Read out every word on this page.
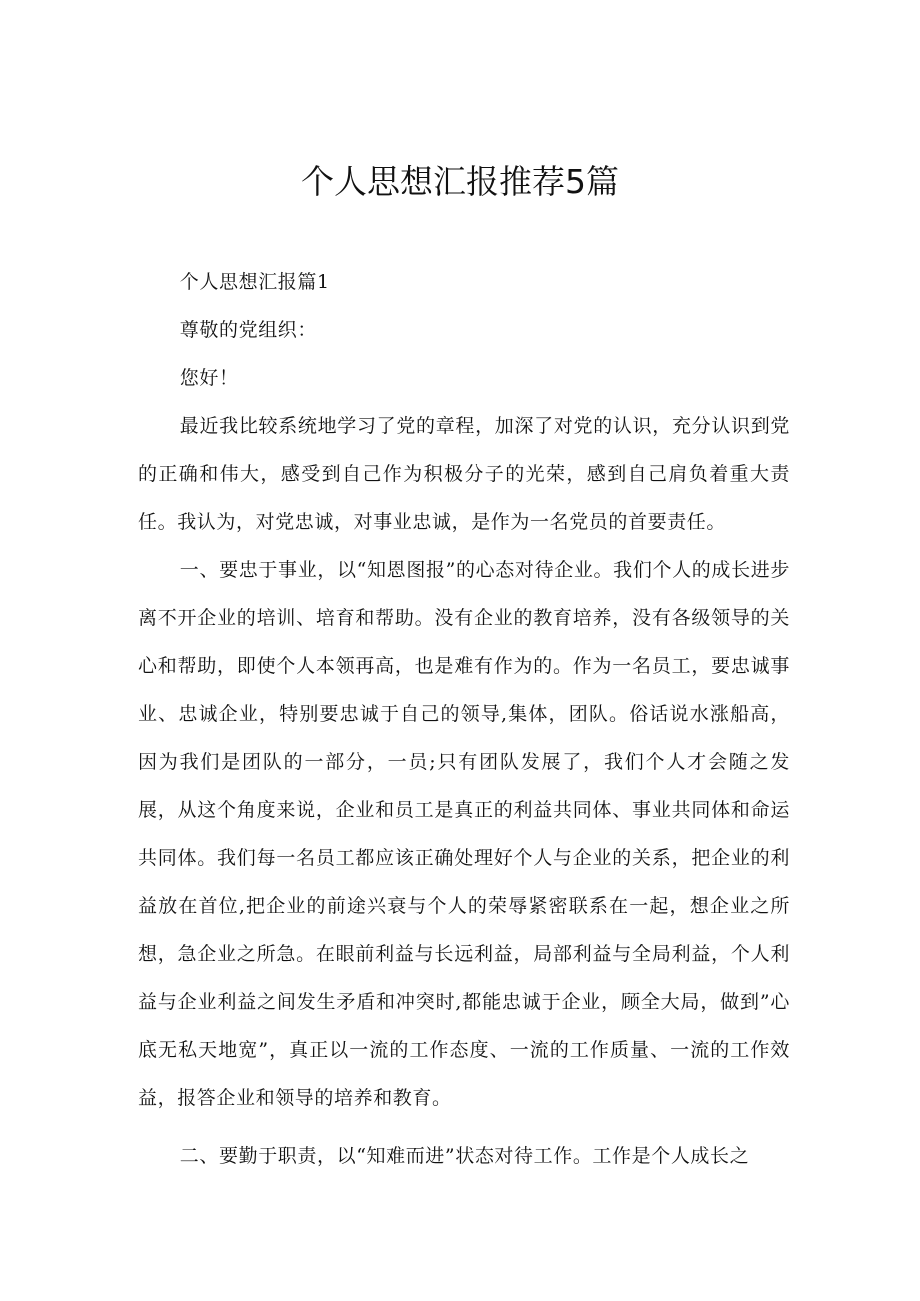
个人思想汇报推荐5篇

个人思想汇报篇1

尊敬的党组织：

您好！

最近我比较系统地学习了党的章程，加深了对党的认识，充分认识到党的正确和伟大，感受到自己作为积极分子的光荣，感到自己肩负着重大责任。我认为，对党忠诚，对事业忠诚，是作为一名党员的首要责任。

一、要忠于事业，以“知恩图报”的心态对待企业。我们个人的成长进步离不开企业的培训、培育和帮助。没有企业的教育培养，没有各级领导的关心和帮助，即使个人本领再高，也是难有作为的。作为一名员工，要忠诚事业、忠诚企业，特别要忠诚于自己的领导,集体，团队。俗话说水涨船高，因为我们是团队的一部分，一员;只有团队发展了，我们个人才会随之发展，从这个角度来说，企业和员工是真正的利益共同体、事业共同体和命运共同体。我们每一名员工都应该正确处理好个人与企业的关系，把企业的利益放在首位,把企业的前途兴衰与个人的荣辱紧密联系在一起，想企业之所想，急企业之所急。在眼前利益与长远利益，局部利益与全局利益，个人利益与企业利益之间发生矛盾和冲突时,都能忠诚于企业，顾全大局，做到”心底无私天地宽”，真正以一流的工作态度、一流的工作质量、一流的工作效益，报答企业和领导的培养和教育。

二、要勤于职责，以“知难而进”状态对待工作。工作是个人成长之
